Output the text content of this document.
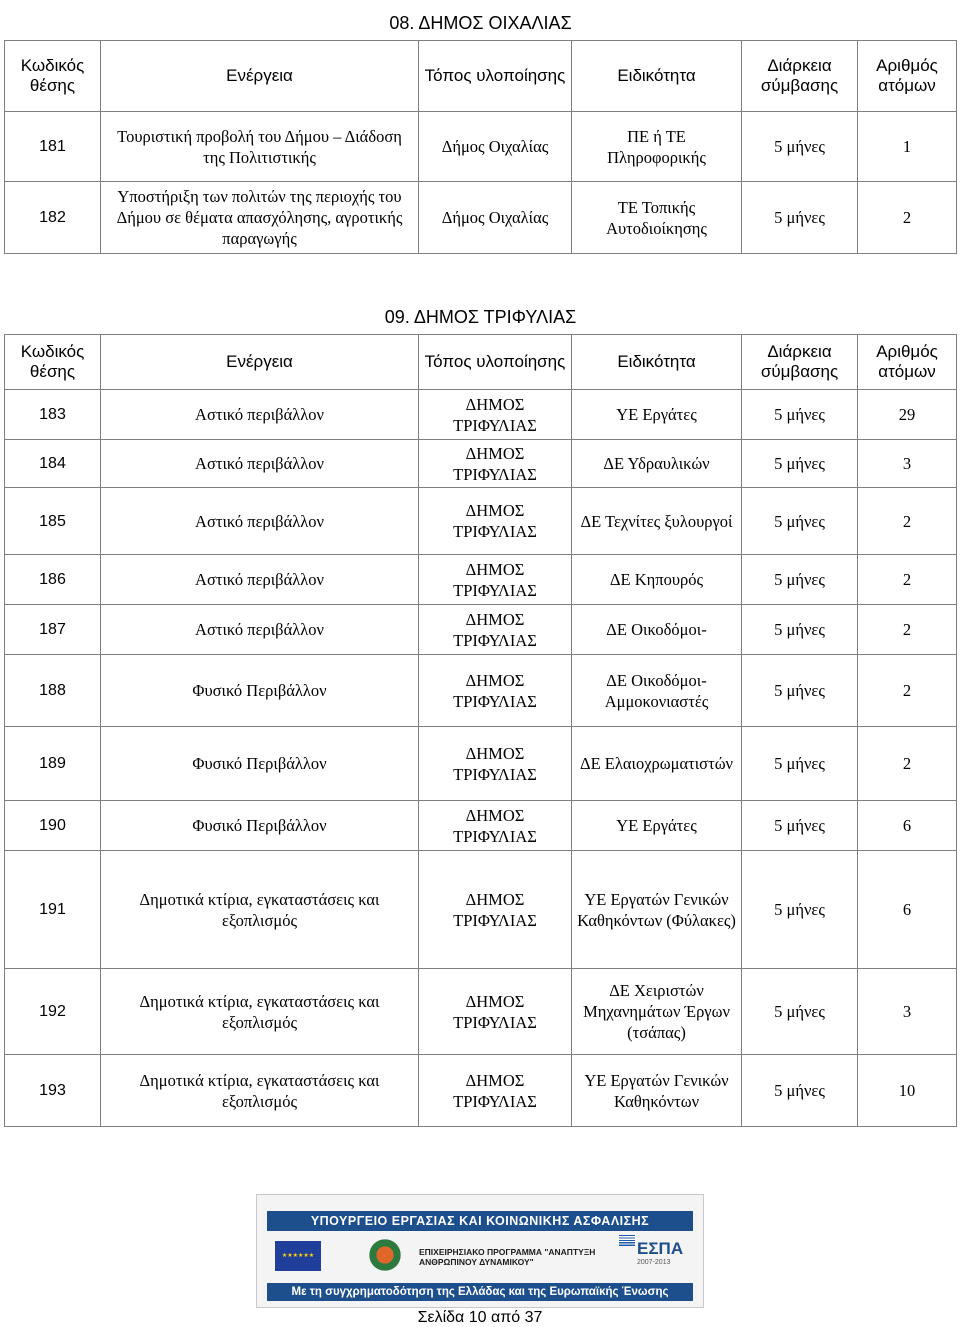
08. ΔΗΜΟΣ ΟΙΧΑΛΙΑΣ					
Κωδικός θέσης	Ενέργεια	Τόπος υλοποίησης	Ειδικότητα	Διάρκεια σύμβασης	Αριθμός ατόμων
181	Τουριστική προβολή του Δήμου – Διάδοση της Πολιτιστικής	Δήμος Οιχαλίας	ΠΕ ή ΤΕ Πληροφορικής	5 μήνες	1
182	Υποστήριξη των πολιτών της περιοχής του Δήμου σε θέματα απασχόλησης, αγροτικής παραγωγής	Δήμος Οιχαλίας	ΤΕ Τοπικής Αυτοδιοίκησης	5 μήνες	2
09. ΔΗΜΟΣ ΤΡΙΦΥΛΙΑΣ					
Κωδικός θέσης	Ενέργεια	Τόπος υλοποίησης	Ειδικότητα	Διάρκεια σύμβασης	Αριθμός ατόμων
183	Αστικό περιβάλλον	ΔΗΜΟΣ ΤΡΙΦΥΛΙΑΣ	ΥΕ Εργάτες	5 μήνες	29
184	Αστικό περιβάλλον	ΔΗΜΟΣ ΤΡΙΦΥΛΙΑΣ	ΔΕ Υδραυλικών	5 μήνες	3
185	Αστικό περιβάλλον	ΔΗΜΟΣ ΤΡΙΦΥΛΙΑΣ	ΔΕ Τεχνίτες ξυλουργοί	5 μήνες	2
186	Αστικό περιβάλλον	ΔΗΜΟΣ ΤΡΙΦΥΛΙΑΣ	ΔΕ Κηπουρός	5 μήνες	2
187	Αστικό περιβάλλον	ΔΗΜΟΣ ΤΡΙΦΥΛΙΑΣ	ΔΕ Οικοδόμοι-	5 μήνες	2
188	Φυσικό Περιβάλλον	ΔΗΜΟΣ ΤΡΙΦΥΛΙΑΣ	ΔΕ Οικοδόμοι-Αμμοκονιαστές	5 μήνες	2
189	Φυσικό Περιβάλλον	ΔΗΜΟΣ ΤΡΙΦΥΛΙΑΣ	ΔΕ Ελαιοχρωματιστών	5 μήνες	2
190	Φυσικό Περιβάλλον	ΔΗΜΟΣ ΤΡΙΦΥΛΙΑΣ	ΥΕ Εργάτες	5 μήνες	6
191	Δημοτικά κτίρια, εγκαταστάσεις και εξοπλισμός	ΔΗΜΟΣ ΤΡΙΦΥΛΙΑΣ	ΥΕ Εργατών Γενικών Καθηκόντων (Φύλακες)	5 μήνες	6
192	Δημοτικά κτίρια, εγκαταστάσεις και εξοπλισμός	ΔΗΜΟΣ ΤΡΙΦΥΛΙΑΣ	ΔΕ Χειριστών Μηχανημάτων Έργων (τσάπας)	5 μήνες	3
193	Δημοτικά κτίρια, εγκαταστάσεις και εξοπλισμός	ΔΗΜΟΣ ΤΡΙΦΥΛΙΑΣ	ΥΕ Εργατών Γενικών Καθηκόντων	5 μήνες	10
ΥΠΟΥΡΓΕΙΟ ΕΡΓΑΣΙΑΣ ΚΑΙ ΚΟΙΝΩΝΙΚΗΣ ΑΣΦΑΛΙΣΗΣ
★★★★★★	ΕΠΙΧΕΙΡΗΣΙΑΚΟ ΠΡΟΓΡΑΜΜΑ "ΑΝΑΠΤΥΞΗ ΑΝΘΡΩΠΙΝΟΥ ΔΥΝΑΜΙΚΟΥ"
ΕΣΠΑ
2007-2013
Με τη συγχρηματοδότηση της Ελλάδας και της Ευρωπαϊκής Ένωσης
Σελίδα 10 από 37
